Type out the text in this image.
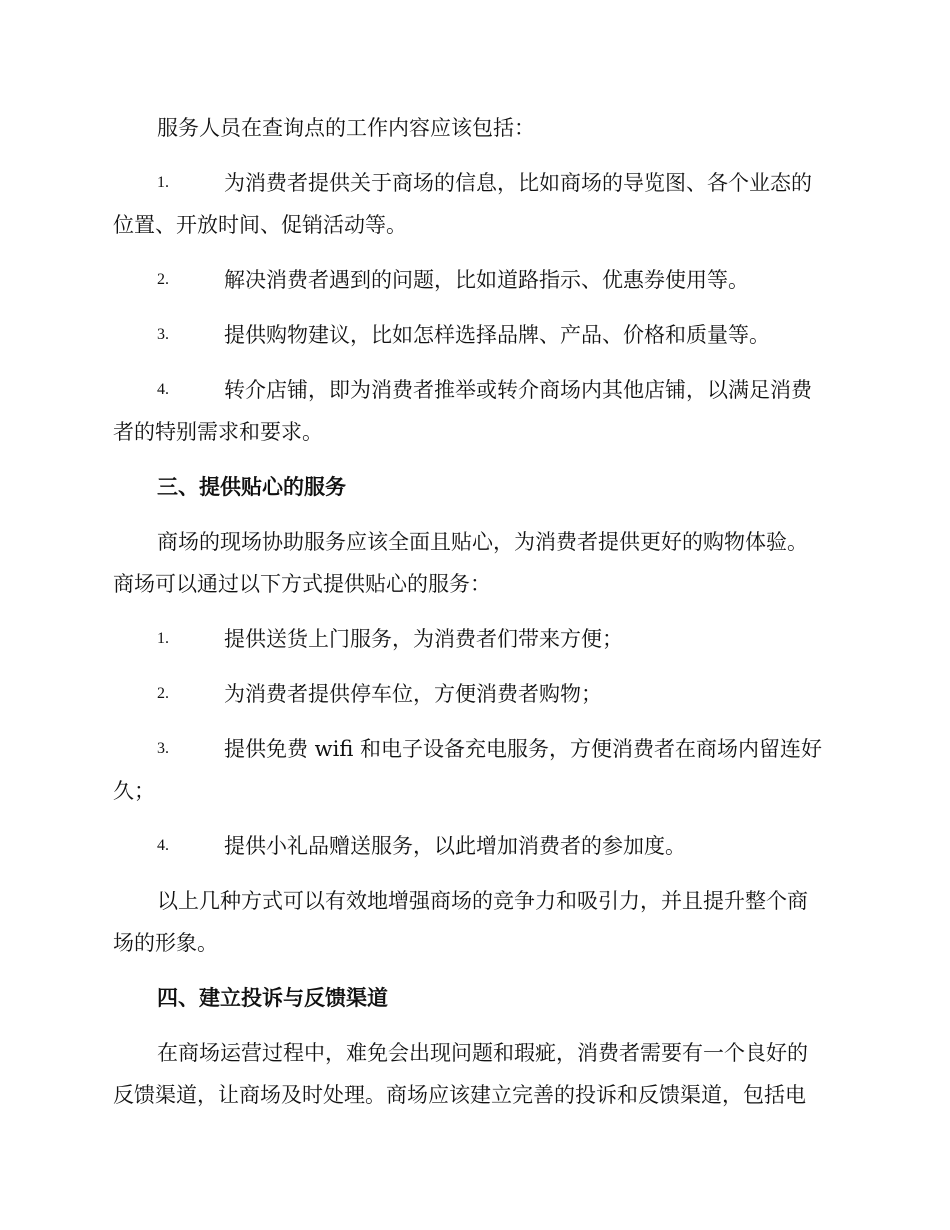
服务人员在查询点的工作内容应该包括：
1.	为消费者提供关于商场的信息，比如商场的导览图、各个业态的
位置、开放时间、促销活动等。
2.	解决消费者遇到的问题，比如道路指示、优惠券使用等。
3.	提供购物建议，比如怎样选择品牌、产品、价格和质量等。
4.	转介店铺，即为消费者推举或转介商场内其他店铺，以满足消费
者的特别需求和要求。
三、提供贴心的服务
商场的现场协助服务应该全面且贴心，为消费者提供更好的购物体验。
商场可以通过以下方式提供贴心的服务：
1.	提供送货上门服务，为消费者们带来方便；
2.	为消费者提供停车位，方便消费者购物；
3.	提供免费 wifi 和电子设备充电服务，方便消费者在商场内留连好
久；
4.	提供小礼品赠送服务，以此增加消费者的参加度。
以上几种方式可以有效地增强商场的竞争力和吸引力，并且提升整个商
场的形象。
四、建立投诉与反馈渠道
在商场运营过程中，难免会出现问题和瑕疵，消费者需要有一个良好的
反馈渠道，让商场及时处理。商场应该建立完善的投诉和反馈渠道，包括电
